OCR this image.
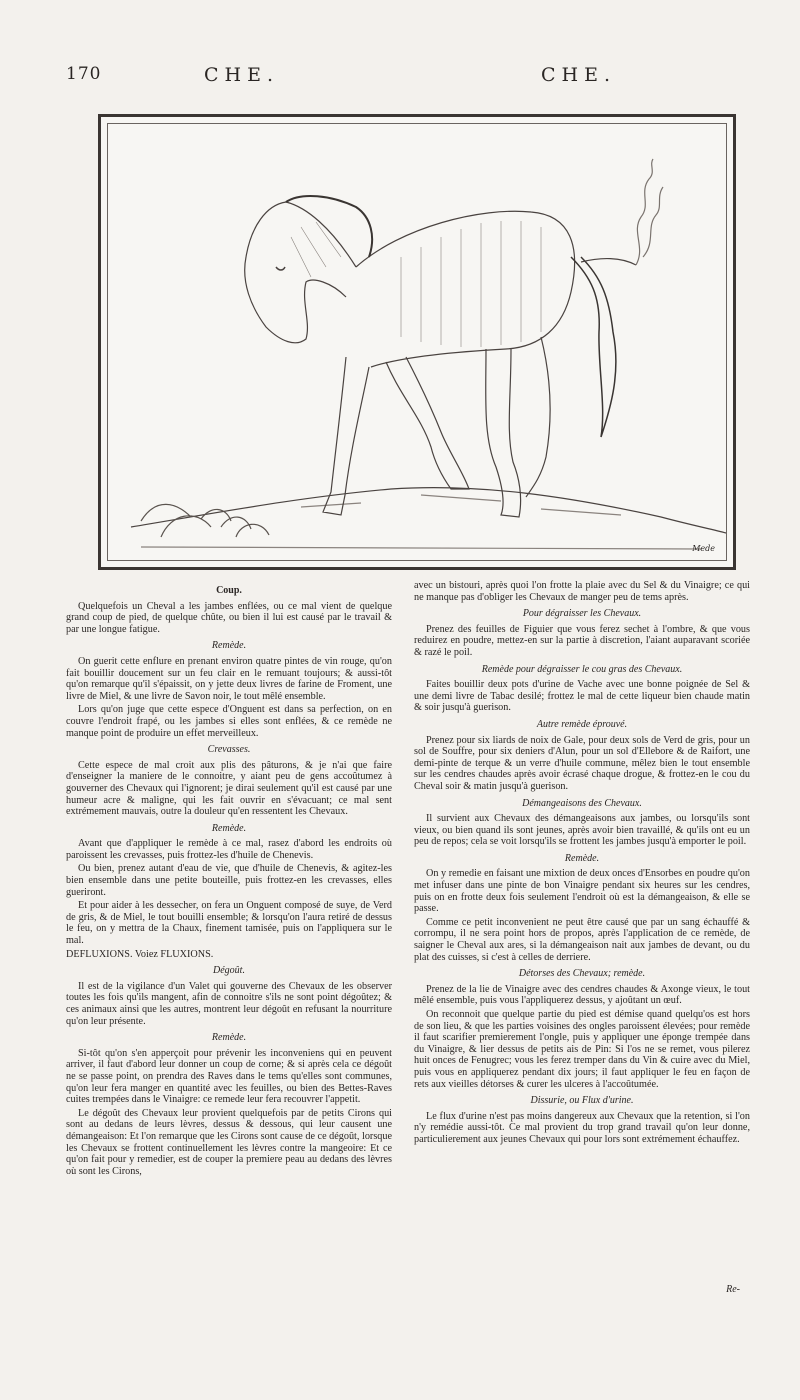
170	CHE.	CHE.
Mede
Coup.

Quelquefois un Cheval a les jambes enflées, ou ce mal vient de quelque grand coup de pied, de quelque chûte, ou bien il lui est causé par le travail & par une longue fatigue.

Remède.

On guerit cette enflure en prenant environ quatre pintes de vin rouge, qu'on fait bouillir doucement sur un feu clair en le remuant toujours; & aussi-tôt qu'on remarque qu'il s'épaissit, on y jette deux livres de farine de Froment, une livre de Miel, & une livre de Savon noir, le tout mêlé ensemble.

Lors qu'on juge que cette espece d'Onguent est dans sa perfection, on en couvre l'endroit frapé, ou les jambes si elles sont enflées, & ce remède ne manque point de produire un effet merveilleux.

Crevasses.

Cette espece de mal croit aux plis des pâturons, & je n'ai que faire d'enseigner la maniere de le connoitre, y aiant peu de gens accoûtumez à gouverner des Chevaux qui l'ignorent; je dirai seulement qu'il est causé par une humeur acre & maligne, qui les fait ouvrir en s'évacuant; ce mal sent extrémement mauvais, outre la douleur qu'en ressentent les Chevaux.

Remède.

Avant que d'appliquer le remède à ce mal, rasez d'abord les endroits où paroissent les crevasses, puis frottez-les d'huile de Chenevis.

Ou bien, prenez autant d'eau de vie, que d'huile de Chenevis, & agitez-les bien ensemble dans une petite bouteille, puis frottez-en les crevasses, elles gueriront.

Et pour aider à les dessecher, on fera un Onguent composé de suye, de Verd de gris, & de Miel, le tout bouilli ensemble; & lorsqu'on l'aura retiré de dessus le feu, on y mettra de la Chaux, finement tamisée, puis on l'appliquera sur le mal.

DEFLUXIONS. Voiez FLUXIONS.

Dégoût.

Il est de la vigilance d'un Valet qui gouverne des Chevaux de les observer toutes les fois qu'ils mangent, afin de connoitre s'ils ne sont point dégoûtez; & ces animaux ainsi que les autres, montrent leur dégoût en refusant la nourriture qu'on leur présente.

Remède.

Si-tôt qu'on s'en apperçoit pour prévenir les inconveniens qui en peuvent arriver, il faut d'abord leur donner un coup de corne; & si après cela ce dégoût ne se passe point, on prendra des Raves dans le tems qu'elles sont communes, qu'on leur fera manger en quantité avec les feuilles, ou bien des Bettes-Raves cuites trempées dans le Vinaigre: ce remede leur fera recouvrer l'appetit.

Le dégoût des Chevaux leur provient quelquefois par de petits Cirons qui sont au dedans de leurs lèvres, dessus & dessous, qui leur causent une démangeaison: Et l'on remarque que les Cirons sont cause de ce dégoût, lorsque les Chevaux se frottent continuellement les lèvres contre la mangeoire: Et ce qu'on fait pour y remedier, est de couper la premiere peau au dedans des lèvres où sont les Cirons,

avec un bistouri, après quoi l'on frotte la plaie avec du Sel & du Vinaigre; ce qui ne manque pas d'obliger les Chevaux de manger peu de tems après.

Pour dégraisser les Chevaux.

Prenez des feuilles de Figuier que vous ferez sechet à l'ombre, & que vous reduirez en poudre, mettez-en sur la partie à discretion, l'aiant auparavant scoriée & razé le poil.

Remède pour dégraisser le cou gras des Chevaux.

Faites bouillir deux pots d'urine de Vache avec une bonne poignée de Sel & une demi livre de Tabac desilé; frottez le mal de cette liqueur bien chaude matin & soir jusqu'à guerison.

Autre remède éprouvé.

Prenez pour six liards de noix de Gale, pour deux sols de Verd de gris, pour un sol de Souffre, pour six deniers d'Alun, pour un sol d'Ellebore & de Raifort, une demi-pinte de terque & un verre d'huile commune, mêlez bien le tout ensemble sur les cendres chaudes après avoir écrasé chaque drogue, & frottez-en le cou du Cheval soir & matin jusqu'à guerison.

Démangeaisons des Chevaux.

Il survient aux Chevaux des démangeaisons aux jambes, ou lorsqu'ils sont vieux, ou bien quand ils sont jeunes, après avoir bien travaillé, & qu'ils ont eu un peu de repos; cela se voit lorsqu'ils se frottent les jambes jusqu'à emporter le poil.

Remède.

On y remedie en faisant une mixtion de deux onces d'Ensorbes en poudre qu'on met infuser dans une pinte de bon Vinaigre pendant six heures sur les cendres, puis on en frotte deux fois seulement l'endroit où est la démangeaison, & elle se passe.

Comme ce petit inconvenient ne peut être causé que par un sang échauffé & corrompu, il ne sera point hors de propos, après l'application de ce remède, de saigner le Cheval aux ares, si la démangeaison nait aux jambes de devant, ou du plat des cuisses, si c'est à celles de derriere.

Détorses des Chevaux; remède.

Prenez de la lie de Vinaigre avec des cendres chaudes & Axonge vieux, le tout mêlé ensemble, puis vous l'appliquerez dessus, y ajoûtant un œuf.

On reconnoit que quelque partie du pied est démise quand quelqu'os est hors de son lieu, & que les parties voisines des ongles paroissent élevées; pour remède il faut scarifier premierement l'ongle, puis y appliquer une éponge trempée dans du Vinaigre, & lier dessus de petits ais de Pin: Si l'os ne se remet, vous pilerez huit onces de Fenugrec; vous les ferez tremper dans du Vin & cuire avec du Miel, puis vous en appliquerez pendant dix jours; il faut appliquer le feu en façon de rets aux vieilles détorses & curer les ulceres à l'accoûtumée.

Dissurie, ou Flux d'urine.

Le flux d'urine n'est pas moins dangereux aux Chevaux que la retention, si l'on n'y remédie aussi-tôt. Ce mal provient du trop grand travail qu'on leur donne, particulierement aux jeunes Chevaux qui pour lors sont extrémement échauffez.

Re-
